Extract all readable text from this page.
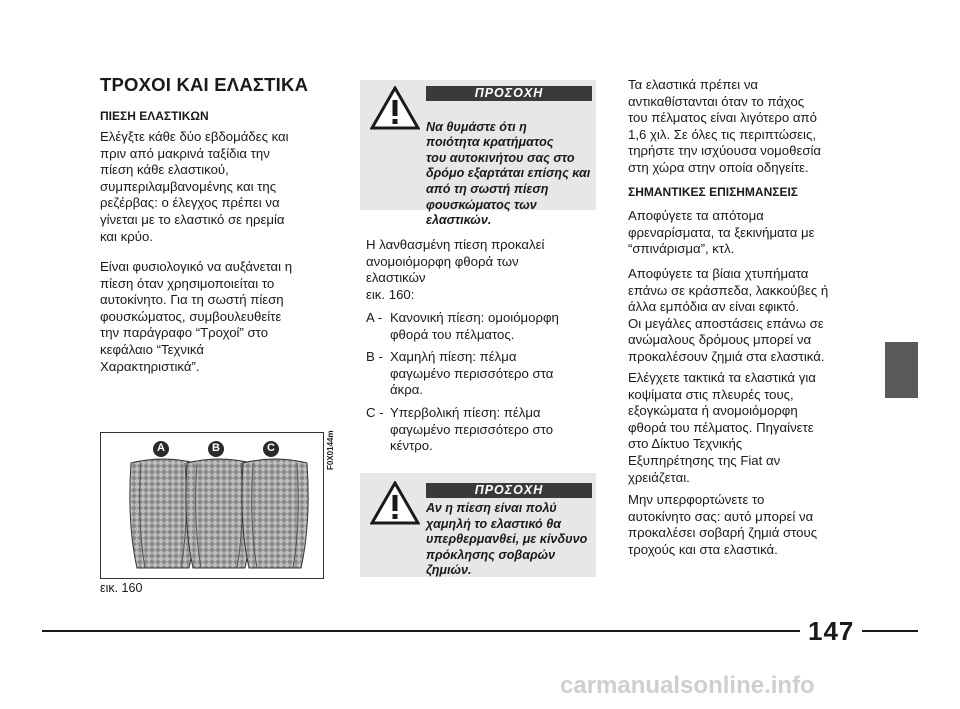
ΤΡΟΧΟΙ ΚΑΙ ΕΛΑΣΤΙΚΑ
ΠΙΕΣΗ ΕΛΑΣΤΙΚΩΝ
Ελέγξτε κάθε δύο εβδομάδες και
πριν από μακρινά ταξίδια την
πίεση κάθε ελαστικού,
συμπεριλαμβανομένης και της
ρεζέρβας: ο έλεγχος πρέπει να
γίνεται με το ελαστικό σε ηρεμία
και κρύο.
Είναι φυσιολογικό να αυξάνεται η
πίεση όταν χρησιμοποιείται το
αυτοκίνητο. Για τη σωστή πίεση
φουσκώματος, συμβουλευθείτε
την παράγραφο “Τροχοί” στο
κεφάλαιο “Τεχνικά
Χαρακτηριστικά”.
A	B	C	F0X0144m
εικ. 160
ΠΡΟΣΟΧΗ

Να θυμάστε ότι η
ποιότητα κρατήματος
του αυτοκινήτου σας στο
δρόμο εξαρτάται επίσης και
από τη σωστή πίεση
φουσκώματος των ελαστικών.

Η λανθασμένη πίεση προκαλεί
ανομοιόμορφη φθορά των
ελαστικών
εικ. 160:
A - Κανονική πίεση: ομοιόμορφη
φθορά του πέλματος.
B - Χαμηλή πίεση: πέλμα
φαγωμένο περισσότερο στα
άκρα.
C - Υπερβολική πίεση: πέλμα
φαγωμένο περισσότερο στο
κέντρο.
ΠΡΟΣΟΧΗ
Αν η πίεση είναι πολύ
χαμηλή το ελαστικό θα
υπερθερμανθεί, με κίνδυνο
πρόκλησης σοβαρών ζημιών.
Τα ελαστικά πρέπει να
αντικαθίστανται όταν το πάχος
του πέλματος είναι λιγότερο από
1,6 χιλ. Σε όλες τις περιπτώσεις,
τηρήστε την ισχύουσα νομοθεσία
στη χώρα στην οποία οδηγείτε.
ΣΗΜΑΝΤΙΚΕΣ ΕΠΙΣΗΜΑΝΣΕΙΣ
Αποφύγετε τα απότομα
φρεναρίσματα, τα ξεκινήματα με
“σπινάρισμα”, κτλ.
Αποφύγετε τα βίαια χτυπήματα
επάνω σε κράσπεδα, λακκούβες ή
άλλα εμπόδια αν είναι εφικτό.
Οι μεγάλες αποστάσεις επάνω σε
ανώμαλους δρόμους μπορεί να
προκαλέσουν ζημιά στα ελαστικά.
Ελέγχετε τακτικά τα ελαστικά για
κοψίματα στις πλευρές τους,
εξογκώματα ή ανομοιόμορφη
φθορά του πέλματος. Πηγαίνετε
στο Δίκτυο Τεχνικής
Εξυπηρέτησης της Fiat αν
χρειάζεται.
Μην υπερφορτώνετε το
αυτοκίνητο σας: αυτό μπορεί να
προκαλέσει σοβαρή ζημιά στους
τροχούς και στα ελαστικά.
147
carmanualsonline.info
